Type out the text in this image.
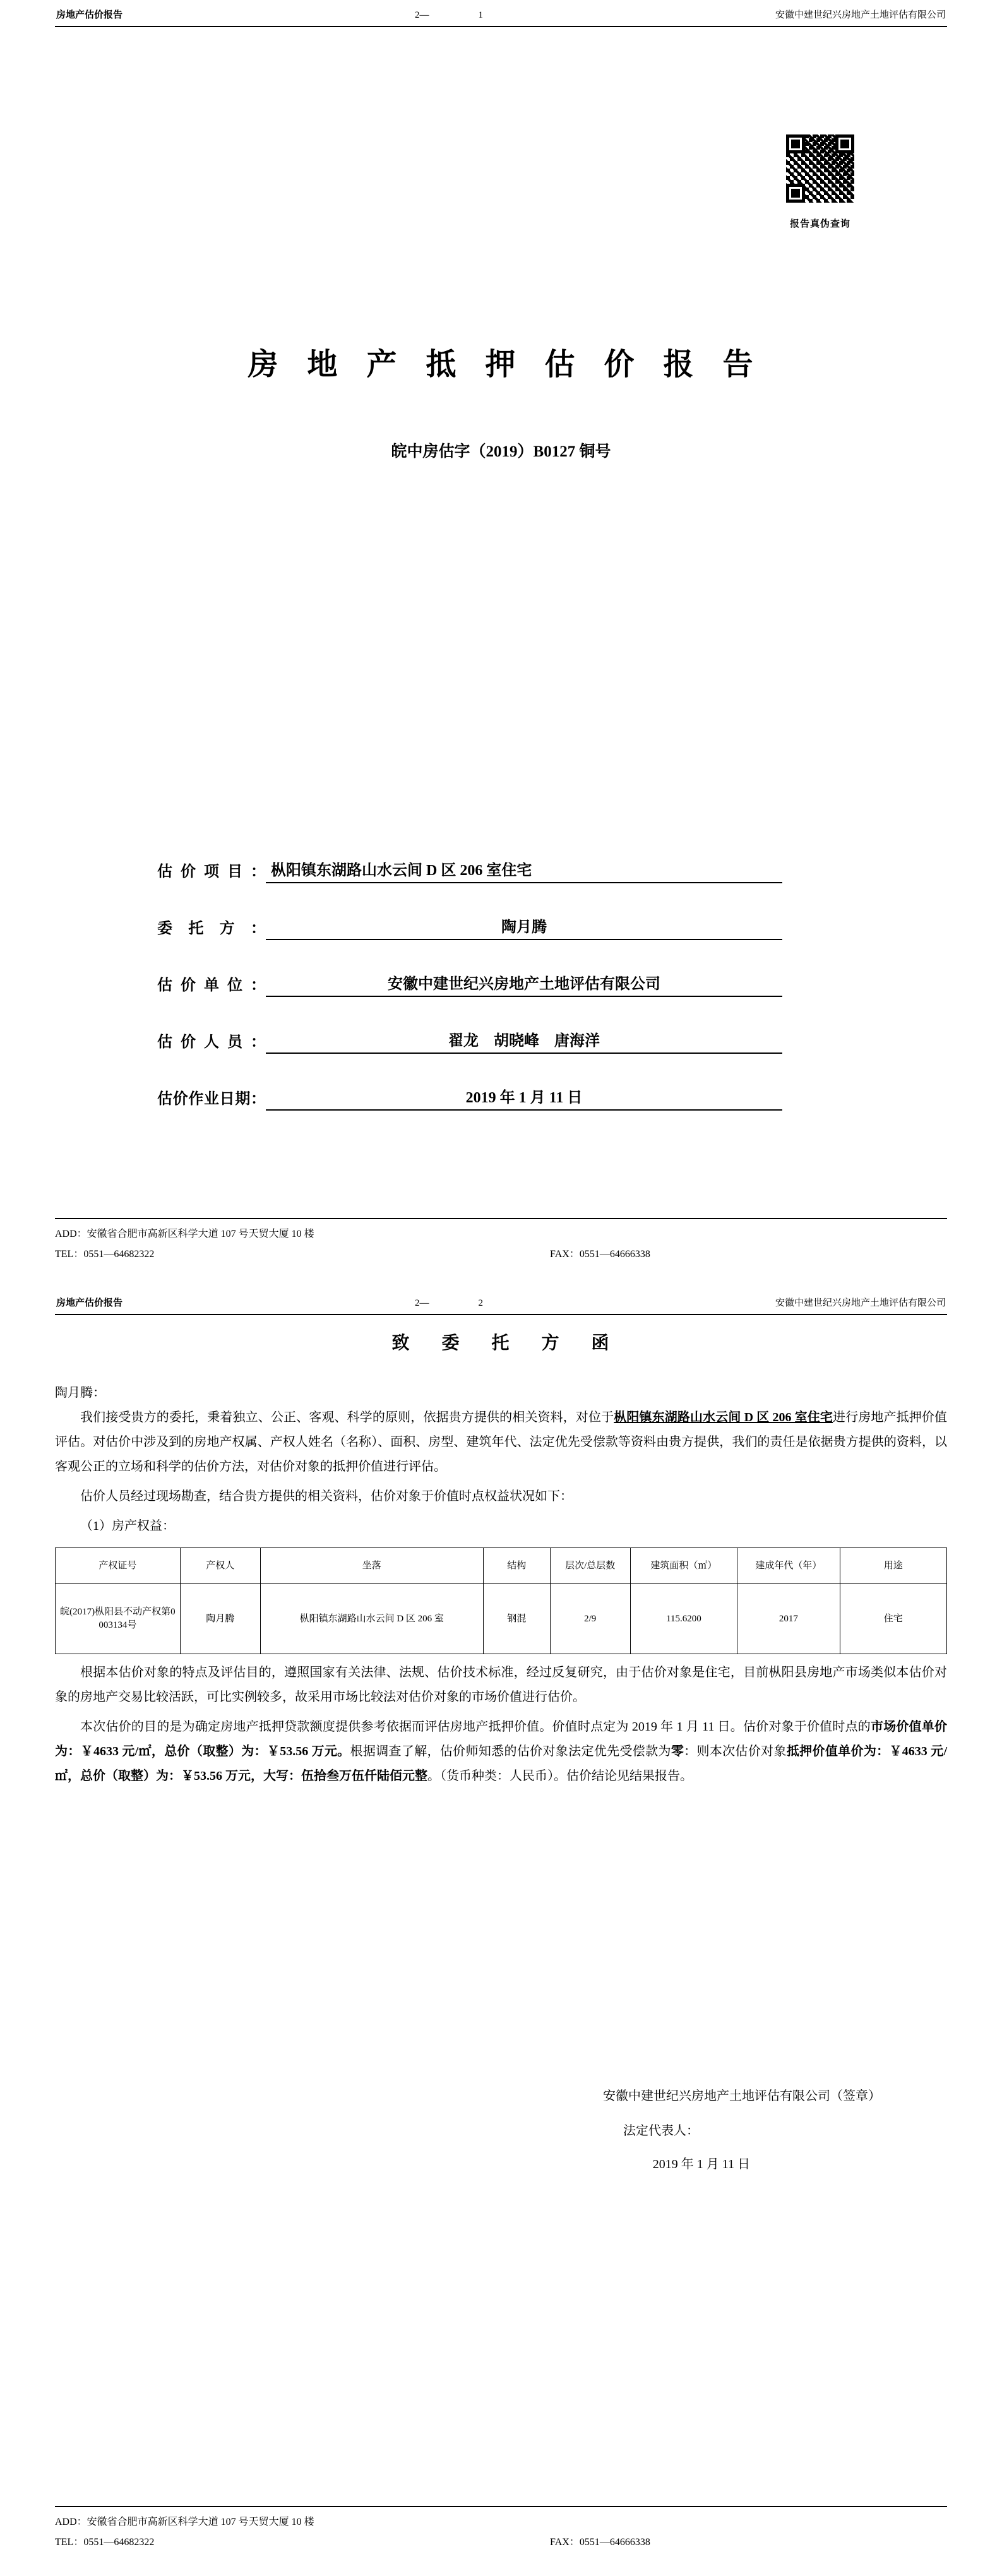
房地产估价报告	2—	1	安徽中建世纪兴房地产土地评估有限公司
报告真伪查询
房 地 产 抵 押 估 价 报 告
皖中房估字（2019）B0127 铜号
估价项目： 枞阳镇东湖路山水云间 D 区 206 室住宅
委托方：	陶月腾
估价单位：	安徽中建世纪兴房地产土地评估有限公司
估价人员：	翟龙　胡晓峰　唐海洋
估价作业日期：	2019 年 1 月 11 日
ADD：安徽省合肥市高新区科学大道 107 号天贸大厦 10 楼
TEL：0551—64682322	FAX：0551—64666338
房地产估价报告	2—	2	安徽中建世纪兴房地产土地评估有限公司
致 委 托 方 函
陶月腾：

我们接受贵方的委托，秉着独立、公正、客观、科学的原则，依据贵方提供的相关资料，对位于枞阳镇东湖路山水云间 D 区 206 室住宅进行房地产抵押价值评估。对估价中涉及到的房地产权属、产权人姓名（名称）、面积、房型、建筑年代、法定优先受偿款等资料由贵方提供，我们的责任是依据贵方提供的资料，以客观公正的立场和科学的估价方法，对估价对象的抵押价值进行评估。

估价人员经过现场勘查，结合贵方提供的相关资料，估价对象于价值时点权益状况如下：

（1）房产权益：

产权证号	产权人	坐落	结构	层次/总层数	建筑面积（㎡）	建成年代（年）	用途
皖(2017)枞阳县不动产权第0003134号	陶月腾	枞阳镇东湖路山水云间 D 区 206 室	钢混	2/9	115.6200	2017	住宅

根据本估价对象的特点及评估目的，遵照国家有关法律、法规、估价技术标准，经过反复研究，由于估价对象是住宅，目前枞阳县房地产市场类似本估价对象的房地产交易比较活跃，可比实例较多，故采用市场比较法对估价对象的市场价值进行估价。

本次估价的目的是为确定房地产抵押贷款额度提供参考依据而评估房地产抵押价值。价值时点定为 2019 年 1 月 11 日。估价对象于价值时点的市场价值单价为：￥4633 元/㎡，总价（取整）为：￥53.56 万元。根据调查了解，估价师知悉的估价对象法定优先受偿款为零：则本次估价对象抵押价值单价为：￥4633 元/㎡，总价（取整）为：￥53.56 万元，大写：伍拾叁万伍仟陆佰元整。（货币种类：人民币）。估价结论见结果报告。

安徽中建世纪兴房地产土地评估有限公司（签章）
法定代表人：
2019 年 1 月 11 日
ADD：安徽省合肥市高新区科学大道 107 号天贸大厦 10 楼
TEL：0551—64682322	FAX：0551—64666338
